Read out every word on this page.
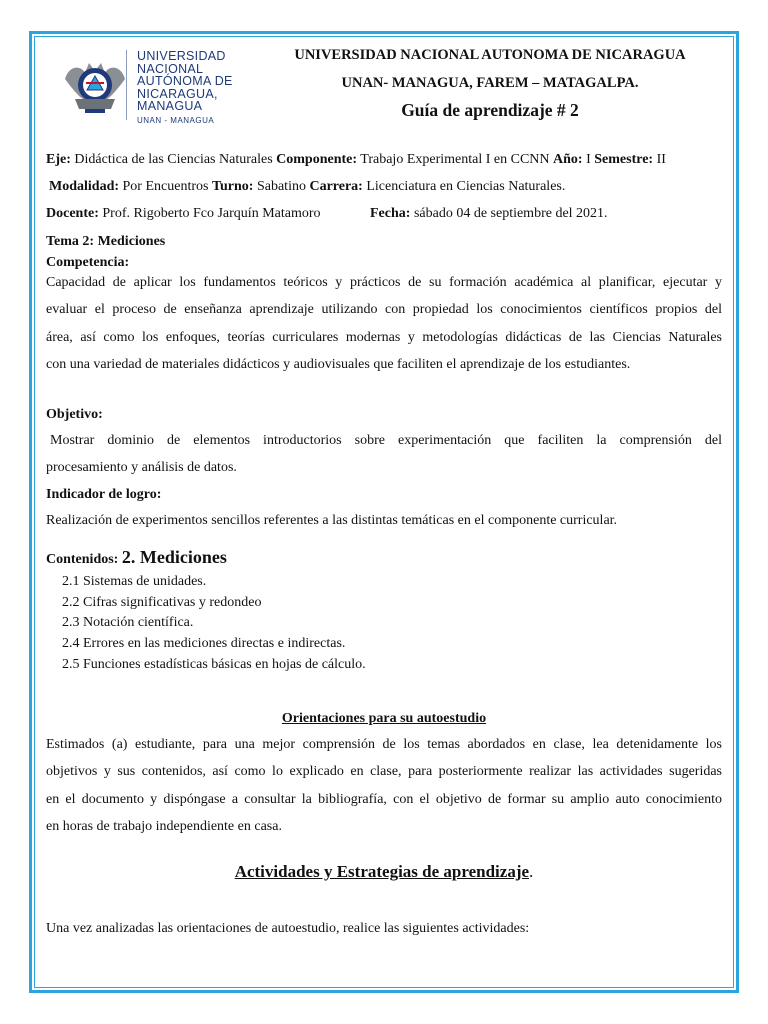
UNIVERSIDAD
NACIONAL
AUTÓNOMA DE
NICARAGUA,
MANAGUA
UNAN - MANAGUA
UNIVERSIDAD NACIONAL AUTONOMA DE NICARAGUA
UNAN- MANAGUA, FAREM – MATAGALPA.
Guía de aprendizaje # 2
Eje: Didáctica de las Ciencias Naturales Componente: Trabajo Experimental I en CCNN Año: I Semestre: II
Modalidad: Por Encuentros Turno: Sabatino Carrera: Licenciatura en Ciencias Naturales.
Docente: Prof. Rigoberto Fco Jarquín Matamoro	Fecha: sábado 04 de septiembre del 2021.
Tema 2: Mediciones
Competencia:
Capacidad de aplicar los fundamentos teóricos y prácticos de su formación académica al planificar, ejecutar y
evaluar el proceso de enseñanza aprendizaje utilizando con propiedad los conocimientos científicos propios del
área, así como los enfoques, teorías curriculares modernas y metodologías didácticas de las Ciencias Naturales
con una variedad de materiales didácticos y audiovisuales que faciliten el aprendizaje de los estudiantes.
Objetivo:
Mostrar dominio de elementos introductorios sobre experimentación que faciliten la comprensión del
procesamiento y análisis de datos.
Indicador de logro:
Realización de experimentos sencillos referentes a las distintas temáticas en el componente curricular.
Contenidos: 2. Mediciones
2.1 Sistemas de unidades.
2.2 Cifras significativas y redondeo
2.3 Notación científica.
2.4 Errores en las mediciones directas e indirectas.
2.5 Funciones estadísticas básicas en hojas de cálculo.
Orientaciones para su autoestudio
Estimados (a) estudiante, para una mejor comprensión de los temas abordados en clase, lea detenidamente los
objetivos y sus contenidos, así como lo explicado en clase, para posteriormente realizar las actividades sugeridas
en el documento y dispóngase a consultar la bibliografía, con el objetivo de formar su amplio auto conocimiento
en horas de trabajo independiente en casa.
Actividades y Estrategias de aprendizaje.
Una vez analizadas las orientaciones de autoestudio, realice las siguientes actividades:
